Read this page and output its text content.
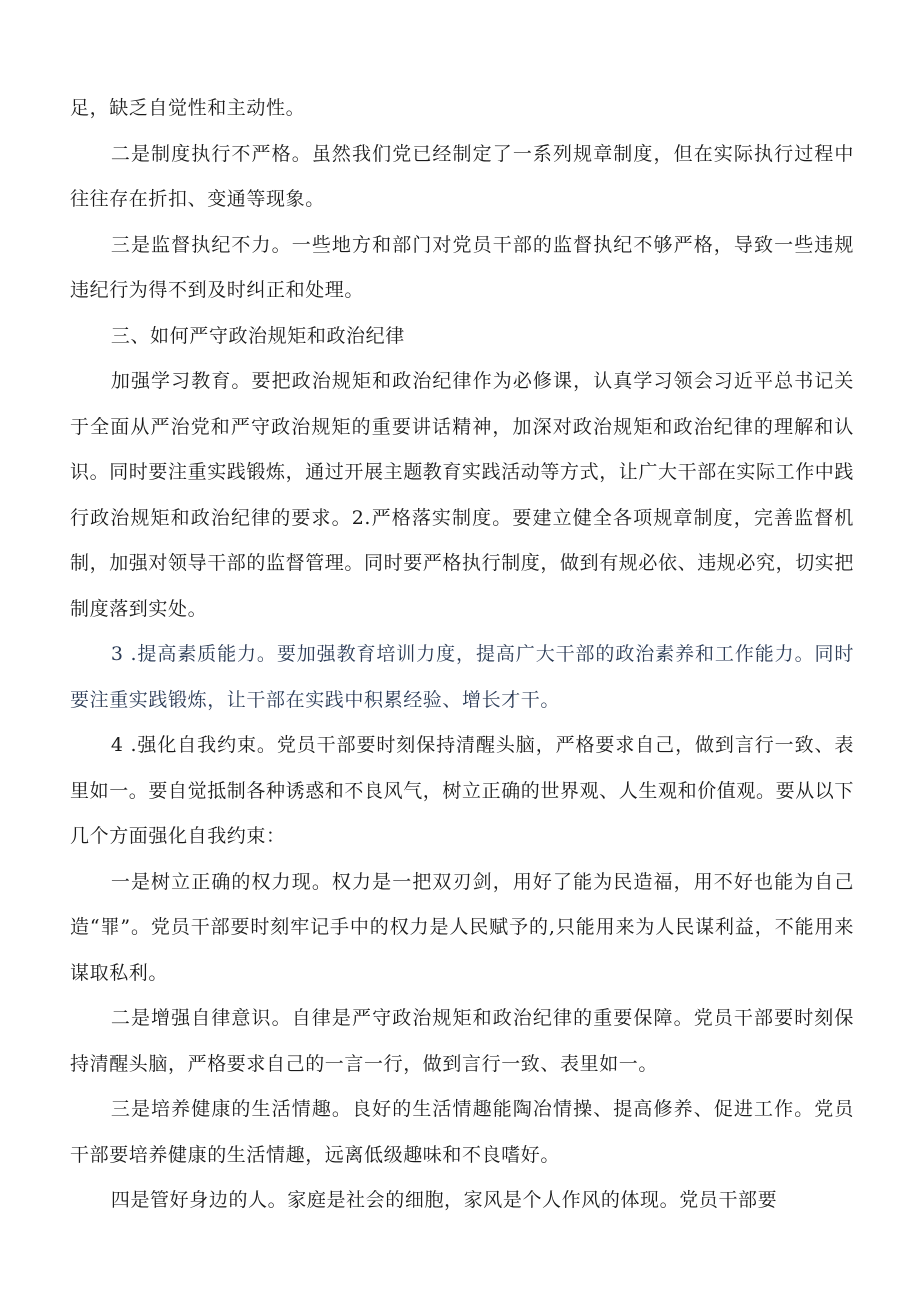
足，缺乏自觉性和主动性。

二是制度执行不严格。虽然我们党已经制定了一系列规章制度，但在实际执行过程中往往存在折扣、变通等现象。

三是监督执纪不力。一些地方和部门对党员干部的监督执纪不够严格，导致一些违规违纪行为得不到及时纠正和处理。

三、如何严守政治规矩和政治纪律

加强学习教育。要把政治规矩和政治纪律作为必修课，认真学习领会习近平总书记关于全面从严治党和严守政治规矩的重要讲话精神，加深对政治规矩和政治纪律的理解和认识。同时要注重实践锻炼，通过开展主题教育实践活动等方式，让广大干部在实际工作中践行政治规矩和政治纪律的要求。2.严格落实制度。要建立健全各项规章制度，完善监督机制，加强对领导干部的监督管理。同时要严格执行制度，做到有规必依、违规必究，切实把制度落到实处。

3 .提高素质能力。要加强教育培训力度，提高广大干部的政治素养和工作能力。同时要注重实践锻炼，让干部在实践中积累经验、增长才干。

4 .强化自我约束。党员干部要时刻保持清醒头脑，严格要求自己，做到言行一致、表里如一。要自觉抵制各种诱惑和不良风气，树立正确的世界观、人生观和价值观。要从以下几个方面强化自我约束：

一是树立正确的权力现。权力是一把双刃剑，用好了能为民造福，用不好也能为自己造“罪”。党员干部要时刻牢记手中的权力是人民赋予的,只能用来为人民谋利益，不能用来谋取私利。

二是增强自律意识。自律是严守政治规矩和政治纪律的重要保障。党员干部要时刻保持清醒头脑，严格要求自己的一言一行，做到言行一致、表里如一。

三是培养健康的生活情趣。良好的生活情趣能陶冶情操、提高修养、促进工作。党员干部要培养健康的生活情趣，远离低级趣味和不良嗜好。

四是管好身边的人。家庭是社会的细胞，家风是个人作风的体现。党员干部要
